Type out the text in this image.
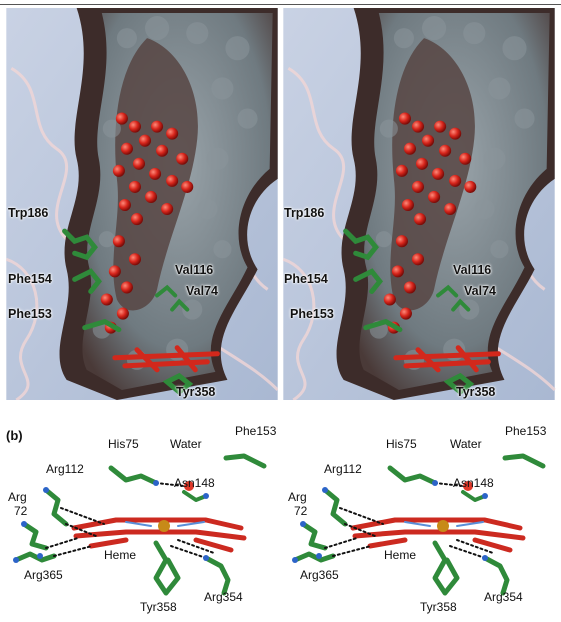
Trp186
Phe154
Val116
Val74
Phe153
Tyr358
Trp186
Phe154
Val116
Val74
Phe153
Tyr358
(b)
His75	Water
Phe153
Arg112
Asn148
Arg
72
Heme
Arg365
Tyr358
Arg354
His75	Water
Phe153
Arg112
Asn148
Arg
72
Heme
Arg365
Tyr358
Arg354
